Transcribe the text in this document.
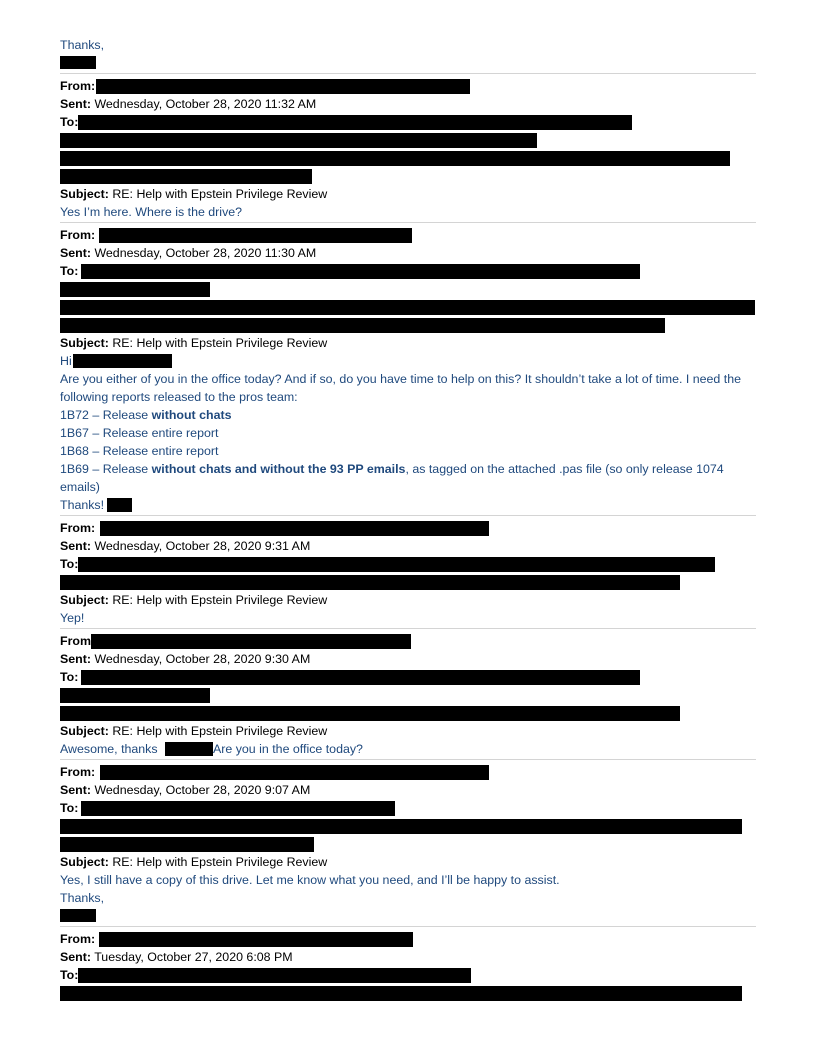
Thanks,
From:
Sent: Wednesday, October 28, 2020 11:32 AM
To:
Subject: RE: Help with Epstein Privilege Review
Yes I’m here. Where is the drive?
From:
Sent: Wednesday, October 28, 2020 11:30 AM
To:
Subject: RE: Help with Epstein Privilege Review
Hi
Are you either of you in the office today? And if so, do you have time to help on this? It shouldn’t take a lot of time. I need the following reports released to the pros team:
1B72 – Release without chats
1B67 – Release entire report
1B68 – Release entire report
1B69 – Release without chats and without the 93 PP emails, as tagged on the attached .pas file (so only release 1074 emails)
Thanks!
From:
Sent: Wednesday, October 28, 2020 9:31 AM
To:
Subject: RE: Help with Epstein Privilege Review
Yep!
From
Sent: Wednesday, October 28, 2020 9:30 AM
To:
Subject: RE: Help with Epstein Privilege Review
Awesome, thanks	Are you in the office today?
From:
Sent: Wednesday, October 28, 2020 9:07 AM
To:
Subject: RE: Help with Epstein Privilege Review
Yes, I still have a copy of this drive. Let me know what you need, and I’ll be happy to assist.
Thanks,
From:
Sent: Tuesday, October 27, 2020 6:08 PM
To:
